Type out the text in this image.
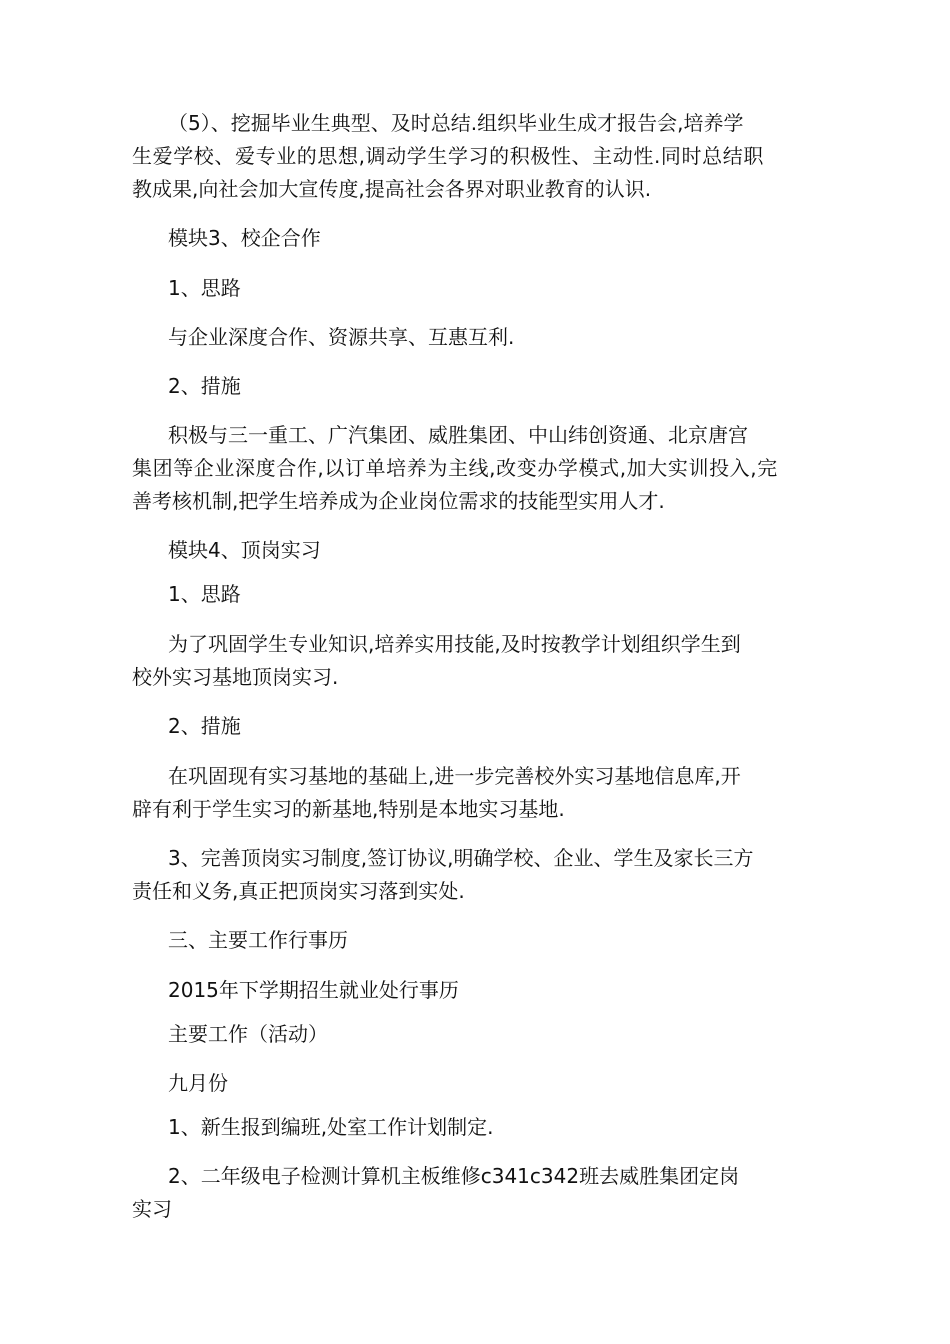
（5）、挖掘毕业生典型、及时总结.组织毕业生成才报告会,培养学

生爱学校、爱专业的思想,调动学生学习的积极性、主动性.同时总结职

教成果,向社会加大宣传度,提高社会各界对职业教育的认识.

模块3、校企合作

1、思路

与企业深度合作、资源共享、互惠互利.

2、措施

积极与三一重工、广汽集团、威胜集团、中山纬创资通、北京唐宫

集团等企业深度合作,以订单培养为主线,改变办学模式,加大实训投入,完

善考核机制,把学生培养成为企业岗位需求的技能型实用人才.

模块4、顶岗实习

1、思路

为了巩固学生专业知识,培养实用技能,及时按教学计划组织学生到

校外实习基地顶岗实习.

2、措施

在巩固现有实习基地的基础上,进一步完善校外实习基地信息库,开

辟有利于学生实习的新基地,特别是本地实习基地.

3、完善顶岗实习制度,签订协议,明确学校、企业、学生及家长三方

责任和义务,真正把顶岗实习落到实处.

三、主要工作行事历

2015年下学期招生就业处行事历

主要工作（活动）

九月份

1、新生报到编班,处室工作计划制定.

2、二年级电子检测计算机主板维修c341c342班去威胜集团定岗

实习
